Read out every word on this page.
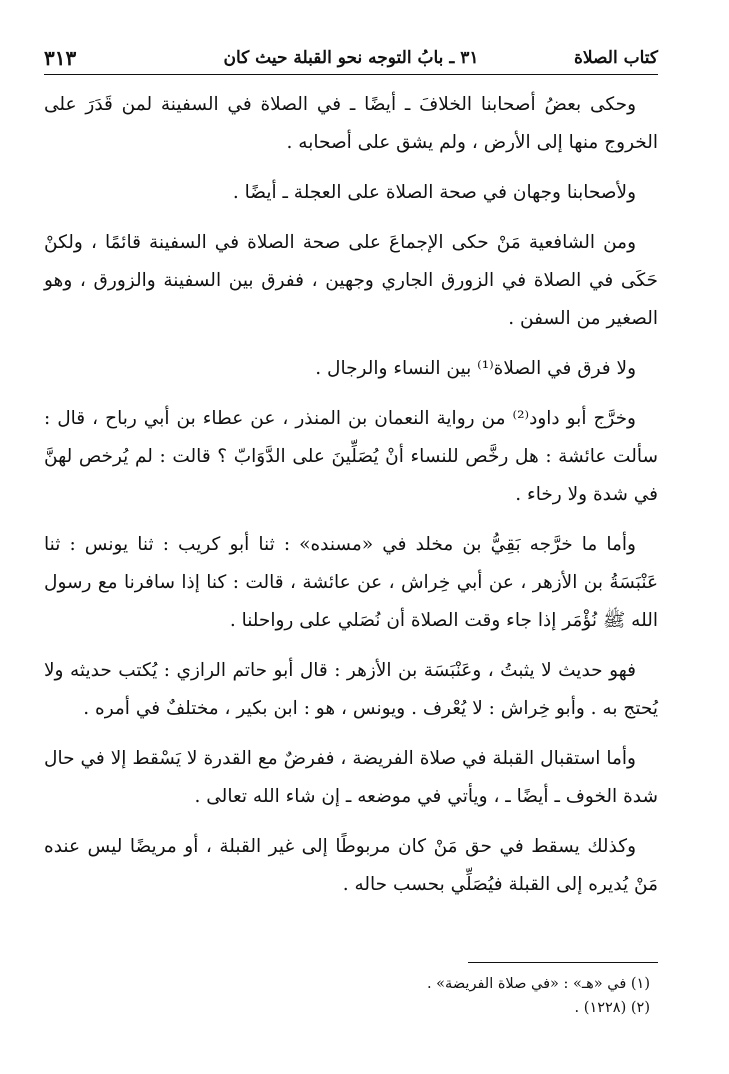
كتاب الصلاة
٣١ ـ بابُ التوجه نحو القبلة حيث كان
٣١٣

وحكى بعضُ أصحابنا الخلافَ ـ أيضًا ـ في الصلاة في السفينة لمن قَدَرَ على الخروج منها إلى الأرض ، ولم يشق على أصحابه .

ولأصحابنا وجهان في صحة الصلاة على العجلة ـ أيضًا .

ومن الشافعية مَنْ حكى الإجماعَ على صحة الصلاة في السفينة قائمًا ، ولكنْ حَكَى في الصلاة في الزورق الجاري وجهين ، ففرق بين السفينة والزورق ، وهو الصغير من السفن .

ولا فرق في الصلاة⁽¹⁾ بين النساء والرجال .

وخرَّج أبو داود⁽²⁾ من رواية النعمان بن المنذر ، عن عطاء بن أبي رباح ، قال : سألت عائشة : هل رخَّص للنساء أنْ يُصَلِّينَ على الدَّوَابّ ؟ قالت : لم يُرخص لهنَّ في شدة ولا رخاء .

وأما ما خرَّجه بَقِيُّ بن مخلد في «مسنده» : ثنا أبو كريب : ثنا يونس : ثنا عَنْبَسَةُ بن الأزهر ، عن أبي خِراش ، عن عائشة ، قالت : كنا إذا سافرنا مع رسول الله ﷺ نُؤْمَر إذا جاء وقت الصلاة أن نُصَلي على رواحلنا .

فهو حديث لا يثبتُ ، وعَنْبَسَة بن الأزهر : قال أبو حاتم الرازي : يُكتب حديثه ولا يُحتج به . وأبو خِراش : لا يُعْرف . ويونس ، هو : ابن بكير ، مختلفٌ في أمره .

وأما استقبال القبلة في صلاة الفريضة ، ففرضٌ مع القدرة لا يَسْقط إلا في حال شدة الخوف ـ أيضًا ـ ، ويأتي في موضعه ـ إن شاء الله تعالى .

وكذلك يسقط في حق مَنْ كان مربوطًا إلى غير القبلة ، أو مريضًا ليس عنده مَنْ يُديره إلى القبلة فيُصَلِّي بحسب حاله .

(١) في «هـ» : «في صلاة الفريضة» .
(٢) (١٢٢٨) .
